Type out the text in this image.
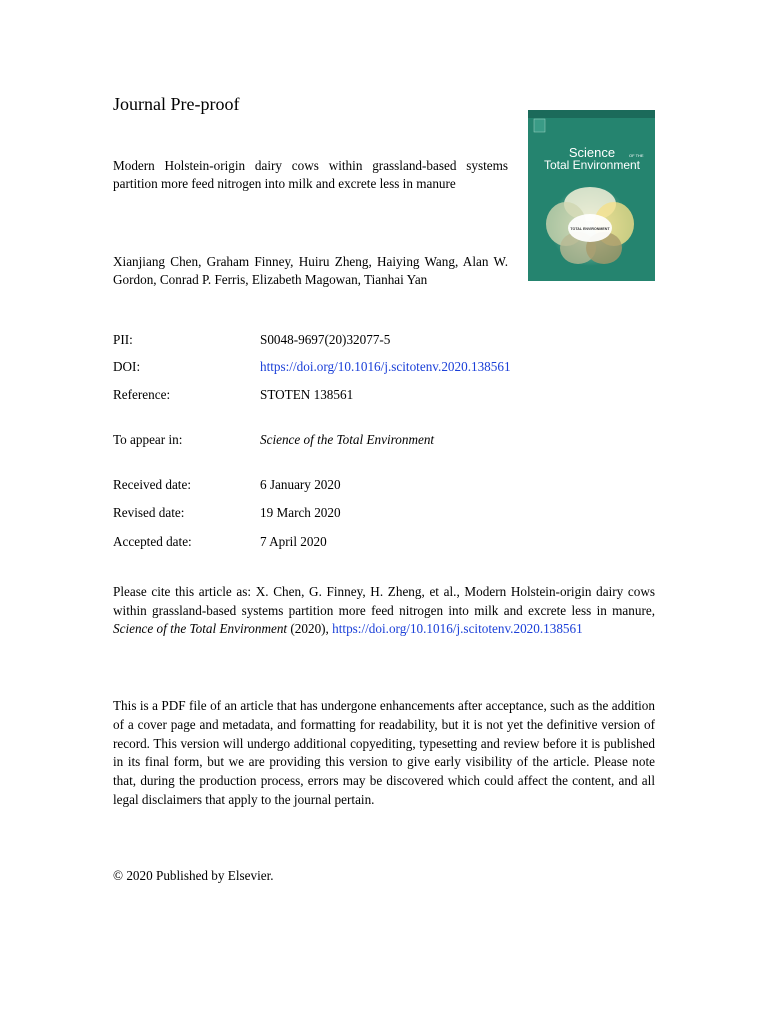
Journal Pre-proof
Modern Holstein-origin dairy cows within grassland-based systems partition more feed nitrogen into milk and excrete less in manure
Xianjiang Chen, Graham Finney, Huiru Zheng, Haiying Wang, Alan W. Gordon, Conrad P. Ferris, Elizabeth Magowan, Tianhai Yan
Science	OF THE
Total Environment
TOTAL ENVIRONMENT
PII:	S0048-9697(20)32077-5
DOI:	https://doi.org/10.1016/j.scitotenv.2020.138561
Reference:	STOTEN 138561
To appear in:	Science of the Total Environment
Received date:	6 January 2020
Revised date:	19 March 2020
Accepted date:	7 April 2020
Please cite this article as: X. Chen, G. Finney, H. Zheng, et al., Modern Holstein-origin dairy cows within grassland-based systems partition more feed nitrogen into milk and excrete less in manure, Science of the Total Environment (2020), https://doi.org/10.1016/j.scitotenv.2020.138561
This is a PDF file of an article that has undergone enhancements after acceptance, such as the addition of a cover page and metadata, and formatting for readability, but it is not yet the definitive version of record. This version will undergo additional copyediting, typesetting and review before it is published in its final form, but we are providing this version to give early visibility of the article. Please note that, during the production process, errors may be discovered which could affect the content, and all legal disclaimers that apply to the journal pertain.
© 2020 Published by Elsevier.
